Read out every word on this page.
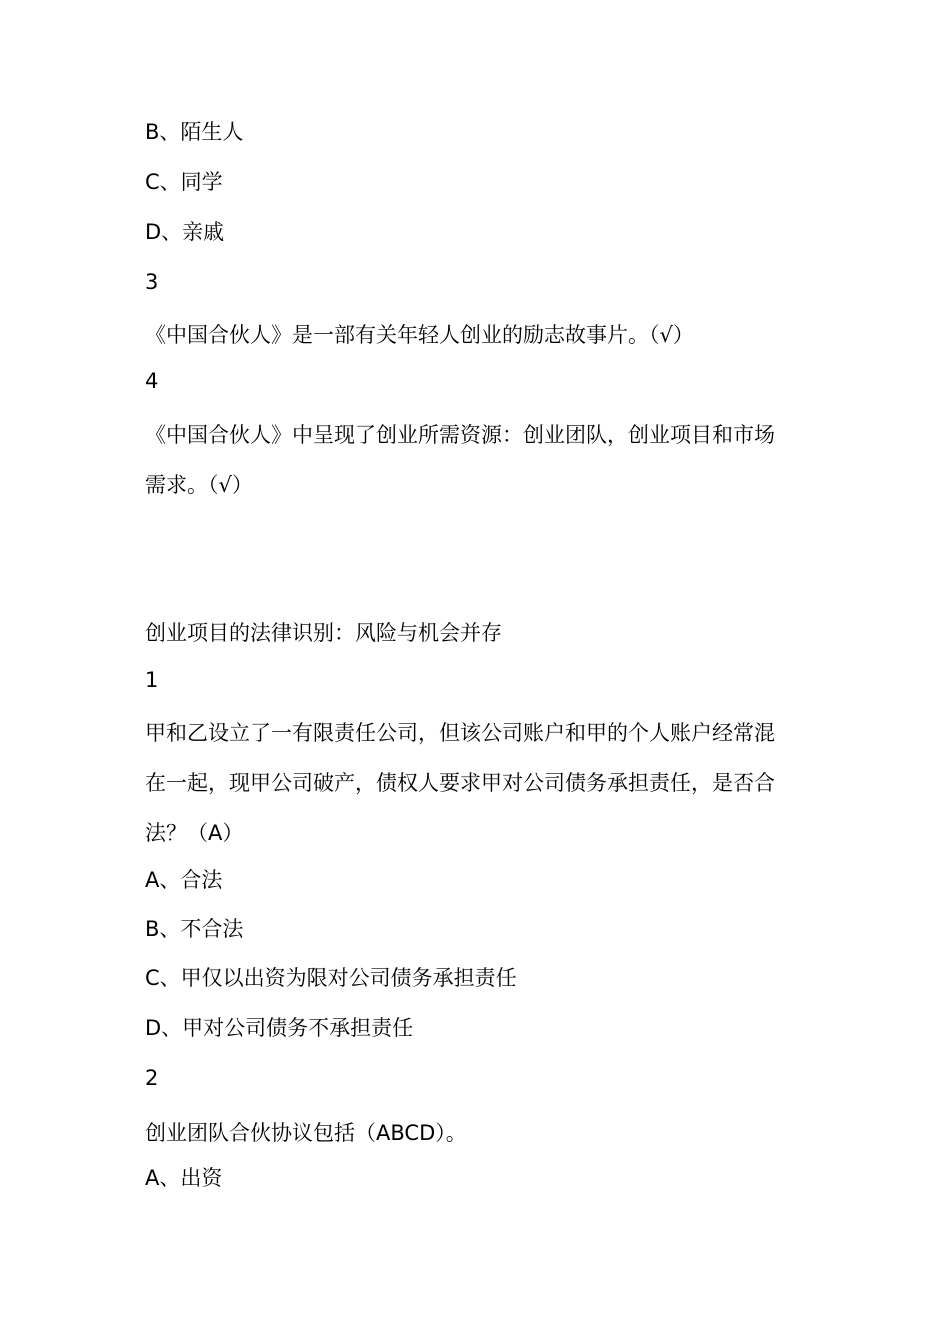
B、陌生人
C、同学
D、亲戚
3
《中国合伙人》是一部有关年轻人创业的励志故事片。（√）
4
《中国合伙人》中呈现了创业所需资源：创业团队，创业项目和市场
需求。（√）
创业项目的法律识别：风险与机会并存
1
甲和乙设立了一有限责任公司，但该公司账户和甲的个人账户经常混
在一起，现甲公司破产，债权人要求甲对公司债务承担责任，是否合
法？（A）
A、合法
B、不合法
C、甲仅以出资为限对公司债务承担责任
D、甲对公司债务不承担责任
2
创业团队合伙协议包括（ABCD）。
A、出资
